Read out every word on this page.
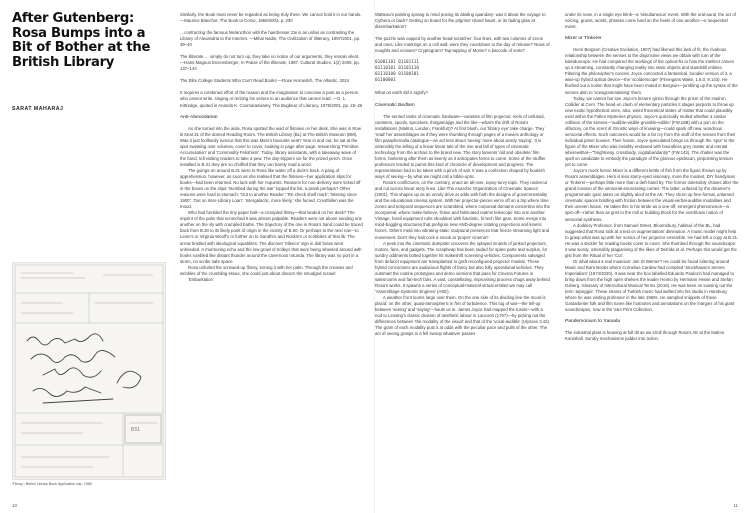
After Gutenberg: Rosa Bumps into a Bit of Bother at the British Library
SARAT MAHARAJ

Similarly, the Book must never be regarded as being truly there. We cannot hold it in our hands. —Maurice Blanchot, The Book to Come, 1959/2003, p. 230

…confracting the famous Melancthon with the hairdresser Zai is as unfair as contrasting the Library of Alexandria to the Internet. —Mihai Nadin, The Civilization of Illiteracy, 1997/2001, pp. 39–40

The illiterate … simply do not turn up, they take no notice of our arguments, they remain silent. —Hans Magnus Enzensberger, In Praise of the Illiterate, 1987. Cultural Studies, 1(2) 2005, pp. 137–144

The Elite College Students Who Can't Read Books —Rose Horowitch, The Atlantic, 2024

It requires a combined effort of the reason and the imagination to conceive a poet as a person who cannot write, singing or reciting his verses to an audience that cannot read. —G. L. Kittredge, quoted in Ananda K. Coomaraswamy, The Bugbear of Literacy, 1979/2001, pp. 25–26

Anti-Abecedarian

As she turned into the aisle, Rosa spotted the wad of flimsies on her desk. She was in Row B Seat 31 of the domed Reading Room, The British Library (BL) at The British Museum (BM). Was it just foolhardy rumour that this was Marx's favourite seat? Year in and out, he sat at the spot sweating over volumes, cover to cover, soaking in page after page: researching 'Primitive Accumulation' and 'Commodity Fetishism'. Today, library assistants, with a takeaway wave of the hand, tell visiting readers to take a pew. The day-trippers vie for the prized perch. Once installed in B.31 they are so chuffed that they can barely read a word.

The goings-on around B.31 were to Rosa like water off a duck's back. A pang of apprehension, however, as soon as she realised that the flimsies—her application slips for books—had been returned. No luck with her requests. Reasons for non-delivery were ticked off in the boxes on the slips: 'Bombed during the war' topped the list, a prank perhaps? Other reasons were hard to stomach: 'Out to another Reader'; 'Re-check shelf mark'; 'Missing since 1900'; 'Out on Inter-Library Loan'; 'Intergalactic, more likely,' she fumed. Crestfallen was the mood.

Who had fumbled the tiny paper ball—a crumpled flimsy—that landed on her desk? The imprint of the palm that scrunched it was almost palpable. Readers were not above sending one another on the sly with crumpled barbs. The trajectory of the one in Rosa's hand could be traced back from B.30 to its likely point of origin in the vicinity of B.50. Or perhaps to the next row—to Lenin's or Virginia Woolf's or further on to Gandhi's and Ruskin's or scribblers of that ilk. The arrow bristled with ideological squabbles. The discreet 'Silence' sign in dull brass went unheeded. A murmuring echo and the low growl of trolleys that were being wheeled around with books rumbled like distant thunder around the cavernous rotunda. The library was no port in a storm, no scribe safe space.

Rosa unfurled the screwed-up flimsy, ironing it with her palm. Through the creases and wrinkles of the crumbling tissue, she could just about discern the smudged scrawl:

'Embarkation'

B31
'Flimsy': British Library Book Application slip, 1988
10

Watteau's painting sprang to mind posing its abiding quandary: was it about the voyage to Cythera or back? Getting on board for the pilgrims' island haunt, or its fading glow at disembarkation?

The puzzle was capped by another head-scratcher: four lines, with two columns of zeros and ones. Like markings on a cell wall, were they countdown to the day of release? Rows of noughts and crosses? Cryptogram? Tap-tapping of Morse? A barcode of sorts?

01001101 01101111
01110101 01101110
01110100 01100101
01100001

What on earth did it signify?

Cinematic Bedlam

The serried ranks of cinematic hardware—varieties of film projector, reels of celluloid, canisters, spools, sprockets, thingamajigs and the like—what's the drift of Rosa's installations (Malmö, London, Frankfurt)? At first blush, our 'library eye' take charge. They 'read' her assemblages as if they were thumbing through pages of a movies anthology or film paraphernalia catalogue—an act less about 'seeing' more about wordy 'saying'. It is ostensibly the telling of a linear linear tale of the rise and fall of types of cinematic technology from the archaic to the brand new. The story laments 'old and obsolete' film forms, harkening after them as keenly as it anticipates forms to come. Some of the stuffier professors tended to parrot this kind of chronicle of development and progress. The representation had to be taken with a pinch of salt. It was a confection shaped by bookish ways of seeing—by what we might call a biblio-optic.

Rosa's conflictures, on the contrary, enact an all-over, topsy-turvy topic. They undercut and cut across linear story lines. Like The Anarchic Organization of Cinematic Spaces (2001). This shapes up as an unruly drive at odds with both the designs of governmentality and the educational cinema system. With her projector-pieces we're off on a trip where time zones and temporal sequences are scrambled, where corporeal domains concertina into the incorporeal, where make-believe, fictive and fabricated realms telescope into one another. Vintage, fossil equipment rubs shoulders with futuristic, hi-tech film gear. Some merge into mind-boggling structures that prefigure new AND-degree rotating projections and kinetic forces. Others meld into vibrating-static sculptural presences that freeze streaming light and movement. Don't they halt cock a snook at 'proper' cinema?

A peek into the cinematic dumpster uncovers the splayed innards of junked projectors, motors, fans, and gadgets. The scrapheap has been raided for spare parts and surplus, for sundry oddments bolted together hit makeshift screening vehicles. Components salvaged from defunct equipment are transplanted to graft reconfigured projector models. These hybrid concoctions are audacious flights of fancy but also fully operational vehicles. They outsmart the routine prototypes and demo versions that pass for Cinema Futures in salesrooms and fan-tech fairs. A vast, constellating, improvising process chugs away behind Rosa's works. It spawns a series of conceptual-material-virtual entities we may call 'Assemblage-Systemic Engines' (ASE).

A weather front looms large over them. On the one side of its dividing line the mood is placid; on the other, quasi-atmospheric in fret of turbulence. This tug of war—the tell-up between 'seeing' and 'saying'—hauls us in. James Joyce had mapped the tussle—with a nod to Lessing's classic division of aesthetic labour in Laocoön (1767)—by picking out the differences between 'the modality of the visual' and that of the 'vocal-audible' (Ulysses 3.42). The grain of each modality puts it at odds with the peculiar pace and pulls of the other. The act of seeing grasps in a fell swoop whatever passes

under its nose, in a single eye blink—a 'simultaneous' event. With the oral-aural, the act of voicing, grunts, words, phrases come hard on the heels of one another—a 'sequential' event.

Mixer or Tinkerer

Henri Bergson (Creative Evolution, 1907) had likened this lack of fit, the rivalrous relationship between the senses to the disjunctive views we obtain with turn of the kaleidoscope. He had compared the workings of the optical-fix to how the intellect carves up a streaming, constantly changing reality into static objects and standstill entities. Filtering the philosopher's conceit, Joyce concocted a fantastical, boodier version of it, a wise-up hybrid optical device—the 'scolderscope' (Finnegans Wake, 1.6.0, 9.143). He flushed out a notion that might have been muted in Bergson—jumbling up the syntax of the senses akin to 'sceagrammatising' them.

Today, we cannot but see Joyce's bizarre gizmo through the prism of the Hadron Collider at Cern. The head-on clash of elementary particles it stages purports to throw up new exotic hypothetical ones, also, weird theoretical states of matter that could plausibly exist within the Fallen Mysteries physics. Joyce's quizzically mulled whether a similar collision of the senses—'audible-visible-gnosible-edible' (FW.18B) with a pun on the olfactory, on the scent of Gnostic ways of knowing—could spark off new, wondrous sensorial effects. Such outcomes would be a far cry from the stuff of the senses from their individual prism houses. Their fusion, Joyce speculated brings us through the 'spot' to the figure of the Mixer who was invisibly endowed with boundless grey matter and mental wherewithal—'"brightnesy, crossbody, cogitabundantly"' (FW.143). The chatter was the spell on candidate to embody the paradigm of the glorious epidiscan, pinpointing tension yet to come.

Joyce's mock heroic Mixer is a different kettle of fish from the figure thrown up by Rosa's assemblages. Hers is less starry-eyed visionary, more the modest, DIY handyman or Tinkerer—perhaps little more than a deft-hand by. The former ostensibly chases after the grand mission of the sensorial-enunciating comes. The latter, unfazed by the dreamer's programmatic goal, takes on slightly aloof at the AE. They churn up free-format, untamed cinematic spaces bristling with friction between the visual-verbal-audible modalities and their uneven fusion. He takes this in his stride as a one-off, emergent phenomenon—a spin-off—rather than as grist to the mill or building block for the overblown notion of sensorial synthesis.

A doddery Professor, from Samuel Street, Bloomsbury, habitué of the BL, had suggested that Rosa look at a text on augmentation/ diminution. A music model might help to grasp what was up with her sonics of her projector ensemble. He had left a copy at B.31. He was a stickler for reading books cover to cover. She thumbed through the soundscape: it was wordy, ostensibly plagiarising of the likes of Derrida et al. Perhaps this would get the gist from the Ritual of her 'Cut'.

Or what about a real musician: Jan St Werner? He could be found loitering around Music and Rare Books where Cornelius Cardew had compiled 'Stockhausen Serves Imperialism' (1974/2020). It was near the box labelled Eduardo Paolozzi had managed to bring down from the high open shelves the leader Heimo by Hermann Hesse and Stefan Oxberg. Glossary of Intercultural Musical Terms (2015). He was keen on sussing out the term 'arpeggio'. These strains of Turkish music had wafted into his studio in Hamburg where he was visiting professor in the late 1960s. He sampled snippets of these Gastarbeiter folk and film tunes like footnotes and annotations on the margins of his giant soundscapes, now in the V&A Print Collection.

Pandemonium to Xanadu

The industrial plant is heaving at full tilt as we stroll through Rosa's AE at the Malmo Konsthall. Sundry mechanisms judder into action.

11
